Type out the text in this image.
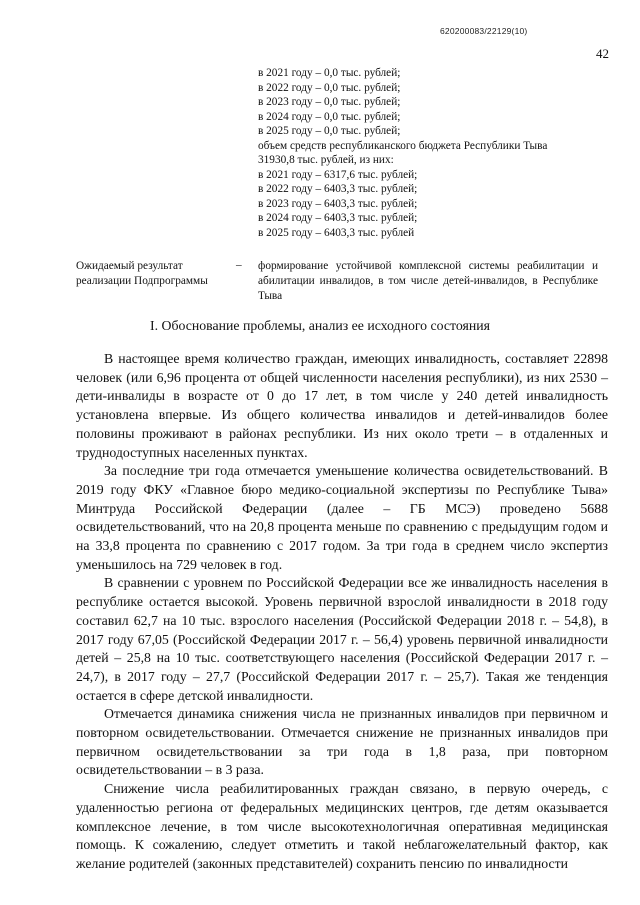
620200083/22129(10)
42
в 2021 году – 0,0 тыс. рублей;
в 2022 году – 0,0 тыс. рублей;
в 2023 году – 0,0 тыс. рублей;
в 2024 году – 0,0 тыс. рублей;
в 2025 году – 0,0 тыс. рублей;
объем средств республиканского бюджета Республики Тыва
31930,8 тыс. рублей, из них:
в 2021 году – 6317,6 тыс. рублей;
в 2022 году – 6403,3 тыс. рублей;
в 2023 году – 6403,3 тыс. рублей;
в 2024 году – 6403,3 тыс. рублей;
в 2025 году – 6403,3 тыс. рублей
Ожидаемый результат реализации Подпрограммы
– формирование устойчивой комплексной системы реабилитации и абилитации инвалидов, в том числе детей-инвалидов, в Республике Тыва
I. Обоснование проблемы, анализ ее исходного состояния

В настоящее время количество граждан, имеющих инвалидность, составляет 22898 человек (или 6,96 процента от общей численности населения республики), из них 2530 – дети-инвалиды в возрасте от 0 до 17 лет, в том числе у 240 детей инвалидность установлена впервые. Из общего количества инвалидов и детей-инвалидов более половины проживают в районах республики. Из них около трети – в отдаленных и труднодоступных населенных пунктах.

За последние три года отмечается уменьшение количества освидетельствований. В 2019 году ФКУ «Главное бюро медико-социальной экспертизы по Республике Тыва» Минтруда Российской Федерации (далее – ГБ МСЭ) проведено 5688 освидетельствований, что на 20,8 процента меньше по сравнению с предыдущим годом и на 33,8 процента по сравнению с 2017 годом. За три года в среднем число экспертиз уменьшилось на 729 человек в год.

В сравнении с уровнем по Российской Федерации все же инвалидность населения в республике остается высокой. Уровень первичной взрослой инвалидности в 2018 году составил 62,7 на 10 тыс. взрослого населения (Российской Федерации 2018 г. – 54,8), в 2017 году 67,05 (Российской Федерации 2017 г. – 56,4) уровень первичной инвалидности детей – 25,8 на 10 тыс. соответствующего населения (Российской Федерации 2017 г. – 24,7), в 2017 году – 27,7 (Российской Федерации 2017 г. – 25,7). Такая же тенденция остается в сфере детской инвалидности.

Отмечается динамика снижения числа не признанных инвалидов при первичном и повторном освидетельствовании. Отмечается снижение не признанных инвалидов при первичном освидетельствовании за три года в 1,8 раза, при повторном освидетельствовании – в 3 раза.

Снижение числа реабилитированных граждан связано, в первую очередь, с удаленностью региона от федеральных медицинских центров, где детям оказывается комплексное лечение, в том числе высокотехнологичная оперативная медицинская помощь. К сожалению, следует отметить и такой неблагожелательный фактор, как желание родителей (законных представителей) сохранить пенсию по инвалидности
